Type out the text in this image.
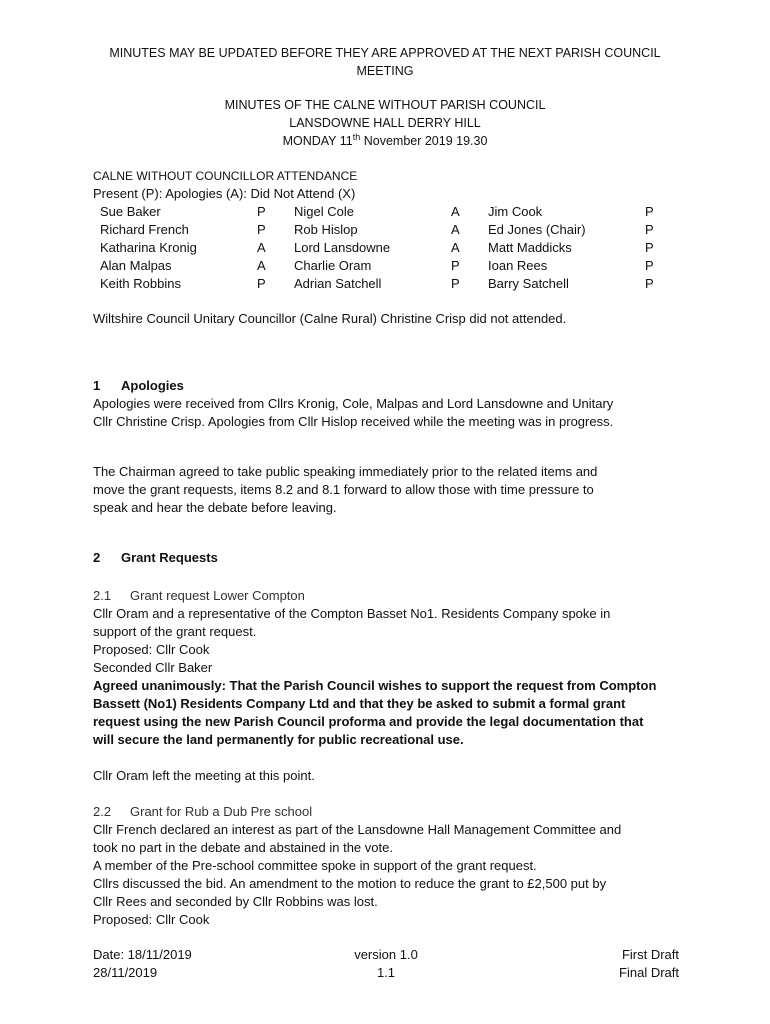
MINUTES MAY BE UPDATED BEFORE THEY ARE APPROVED AT THE NEXT PARISH COUNCIL MEETING
MINUTES OF THE CALNE WITHOUT PARISH COUNCIL
LANSDOWNE HALL DERRY HILL
MONDAY 11th November 2019 19.30
CALNE WITHOUT COUNCILLOR ATTENDANCE
Present (P): Apologies (A): Did Not Attend (X)
Sue Baker	P	Nigel Cole	A	Jim Cook	P
Richard French	P	Rob Hislop	A	Ed Jones (Chair)	P
Katharina Kronig	A	Lord Lansdowne	A	Matt Maddicks	P
Alan Malpas	A	Charlie Oram	P	Ioan Rees	P
Keith Robbins	P	Adrian Satchell	P	Barry Satchell	P
Wiltshire Council Unitary Councillor (Calne Rural) Christine Crisp did not attended.
1 Apologies
Apologies were received from Cllrs Kronig, Cole, Malpas and Lord Lansdowne and Unitary
Cllr Christine Crisp. Apologies from Cllr Hislop received while the meeting was in progress.
The Chairman agreed to take public speaking immediately prior to the related items and
move the grant requests, items 8.2 and 8.1 forward to allow those with time pressure to
speak and hear the debate before leaving.
2 Grant Requests
2.1 Grant request Lower Compton
Cllr Oram and a representative of the Compton Basset No1. Residents Company spoke in
support of the grant request.
Proposed: Cllr Cook
Seconded Cllr Baker
Agreed unanimously: That the Parish Council wishes to support the request from Compton
Bassett (No1) Residents Company Ltd and that they be asked to submit a formal grant
request using the new Parish Council proforma and provide the legal documentation that
will secure the land permanently for public recreational use.
Cllr Oram left the meeting at this point.
2.2 Grant for Rub a Dub Pre school
Cllr French declared an interest as part of the Lansdowne Hall Management Committee and
took no part in the debate and abstained in the vote.
A member of the Pre-school committee spoke in support of the grant request.
Cllrs discussed the bid. An amendment to the motion to reduce the grant to £2,500 put by
Cllr Rees and seconded by Cllr Robbins was lost.
Proposed: Cllr Cook
Date: 18/11/2019	version 1.0	First Draft
28/11/2019	1.1	Final Draft
